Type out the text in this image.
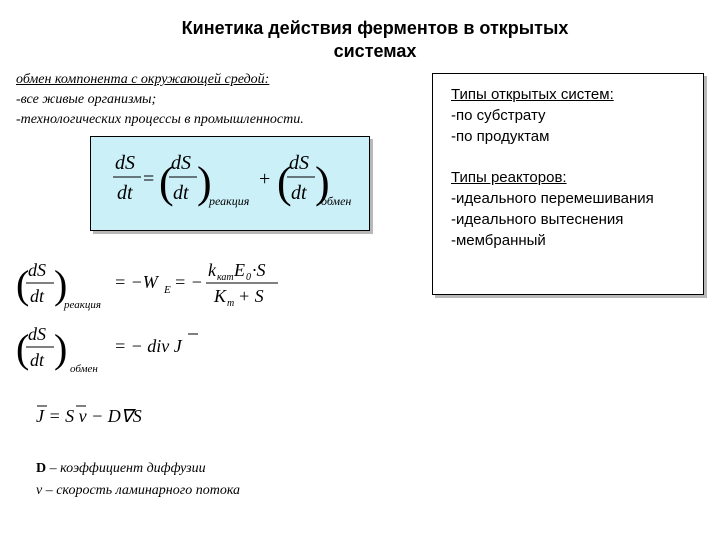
Кинетика действия ферментов в открытых системах
обмен компонента с окружающей средой:
-все живые организмы;
-технологических процессы в промышленности.
Типы открытых систем:
-по субстрату
-по продуктам
Типы реакторов:
-идеального перемешивания
-идеального вытеснения
-мембранный
dS
dt
= (
dS
dt )
реакция
+ (
dS
dt )
обмен
(
dS
dt )
реакция
= −W E = −
k кат E 0 ·S
K m + S
(
dS
dt ) обмен
= − div J
J = S v − D∇S
D – коэффициент диффузии
v – скорость ламинарного потока
